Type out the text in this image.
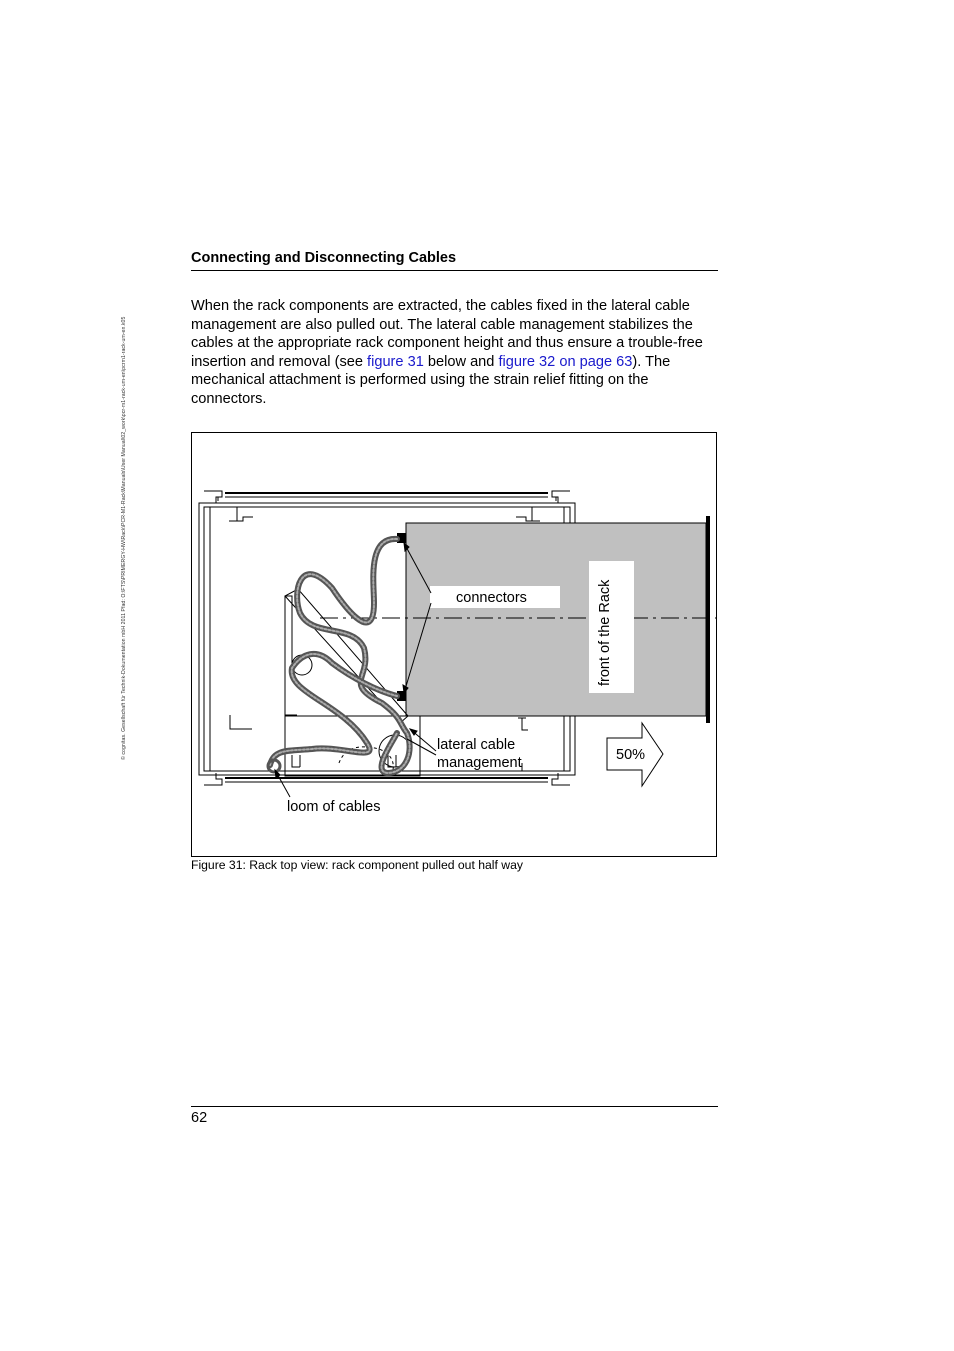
© cognitas. Gesellschaft für Technik-Dokumentation mbH 2011 Pfad: O:\FTS\PRIMERGY-HW\Rack\PCR-M1-Rack\Manuals\User Manual\02_work\pcr-m1-rack-um-en\pcrm1-rack-um-en.k05
Connecting and Disconnecting Cables
When the rack components are extracted, the cables fixed in the lateral cable management are also pulled out. The lateral cable management stabilizes the cables at the appropriate rack component height and thus ensure a trouble-free insertion and removal (see figure 31 below and figure 32 on page 63). The mechanical attachment is performed using the strain relief fitting on the connectors.
connectors	front of the Rack
lateral cable
management
loom of cables
50%
Figure 31: Rack top view: rack component pulled out half way
62
